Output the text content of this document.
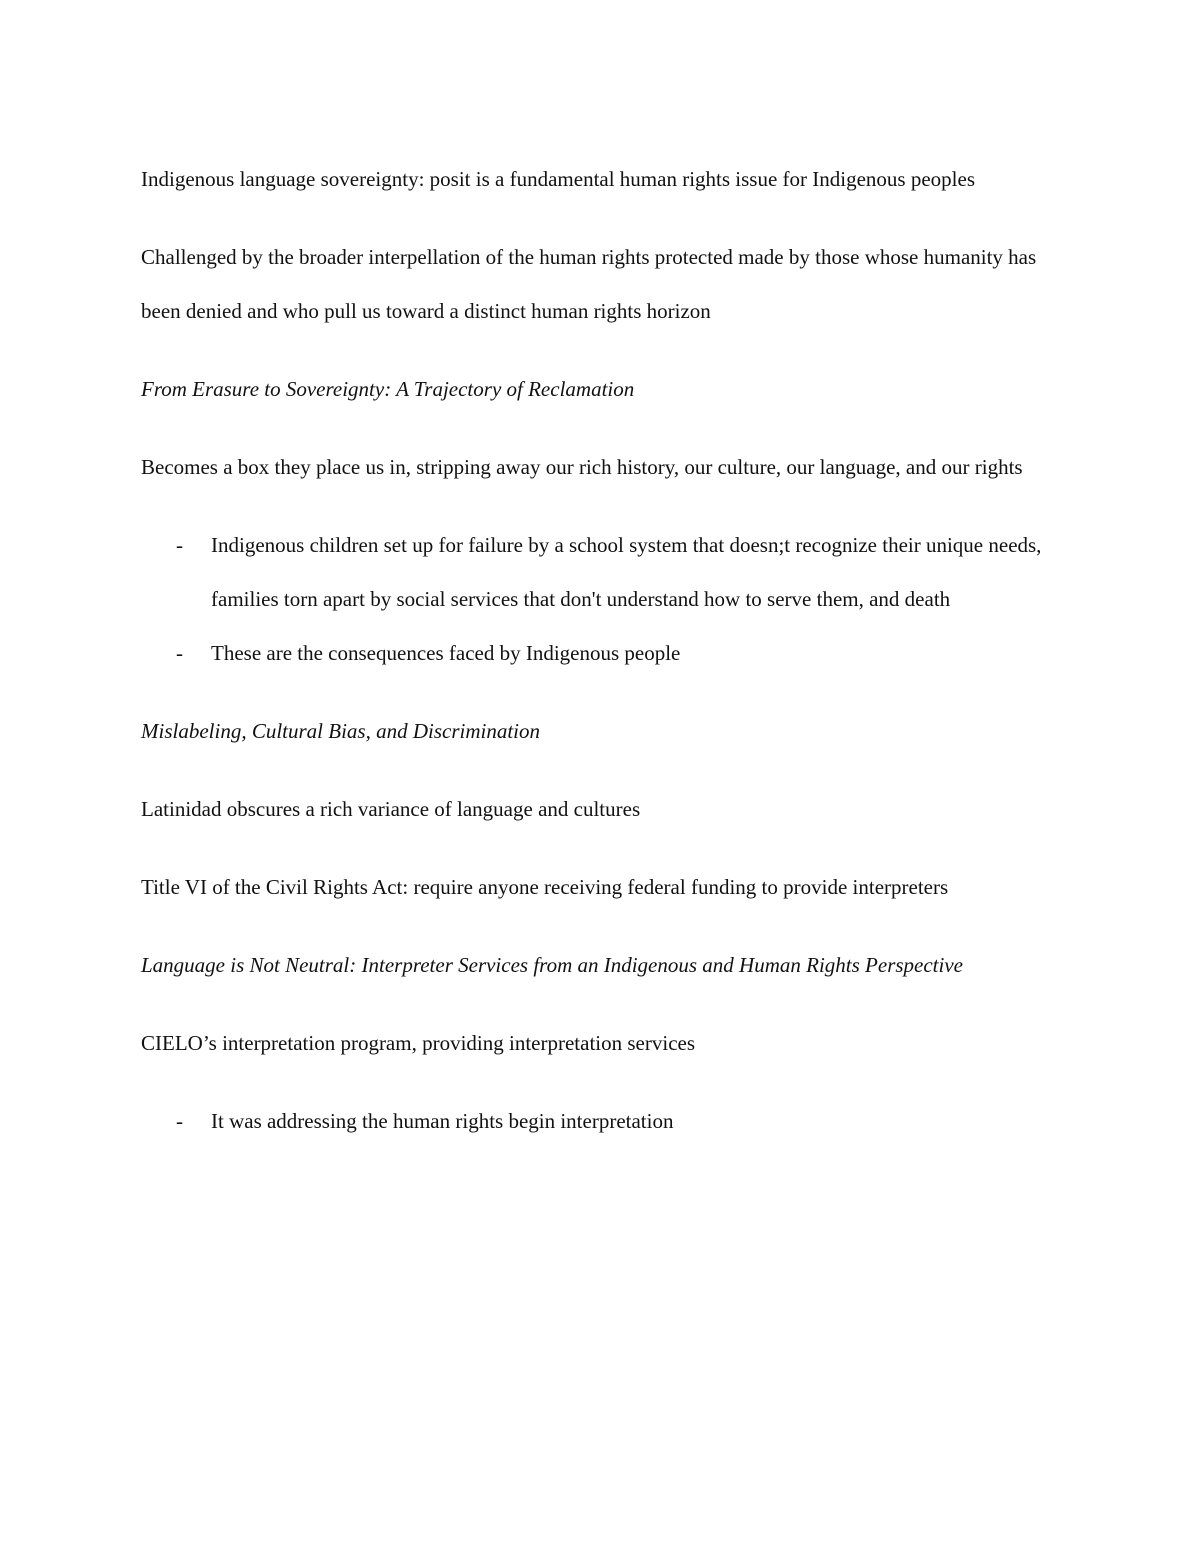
Indigenous language sovereignty: posit is a fundamental human rights issue for Indigenous peoples

Challenged by the broader interpellation of the human rights protected made by those whose humanity has been denied and who pull us toward a distinct human rights horizon

From Erasure to Sovereignty: A Trajectory of Reclamation

Becomes a box they place us in, stripping away our rich history, our culture, our language, and our rights

- Indigenous children set up for failure by a school system that doesn;t recognize their unique needs, families torn apart by social services that don't understand how to serve them, and death
- These are the consequences faced by Indigenous people

Mislabeling, Cultural Bias, and Discrimination

Latinidad obscures a rich variance of language and cultures

Title VI of the Civil Rights Act: require anyone receiving federal funding to provide interpreters

Language is Not Neutral: Interpreter Services from an Indigenous and Human Rights Perspective

CIELO’s interpretation program, providing interpretation services

- It was addressing the human rights begin interpretation
